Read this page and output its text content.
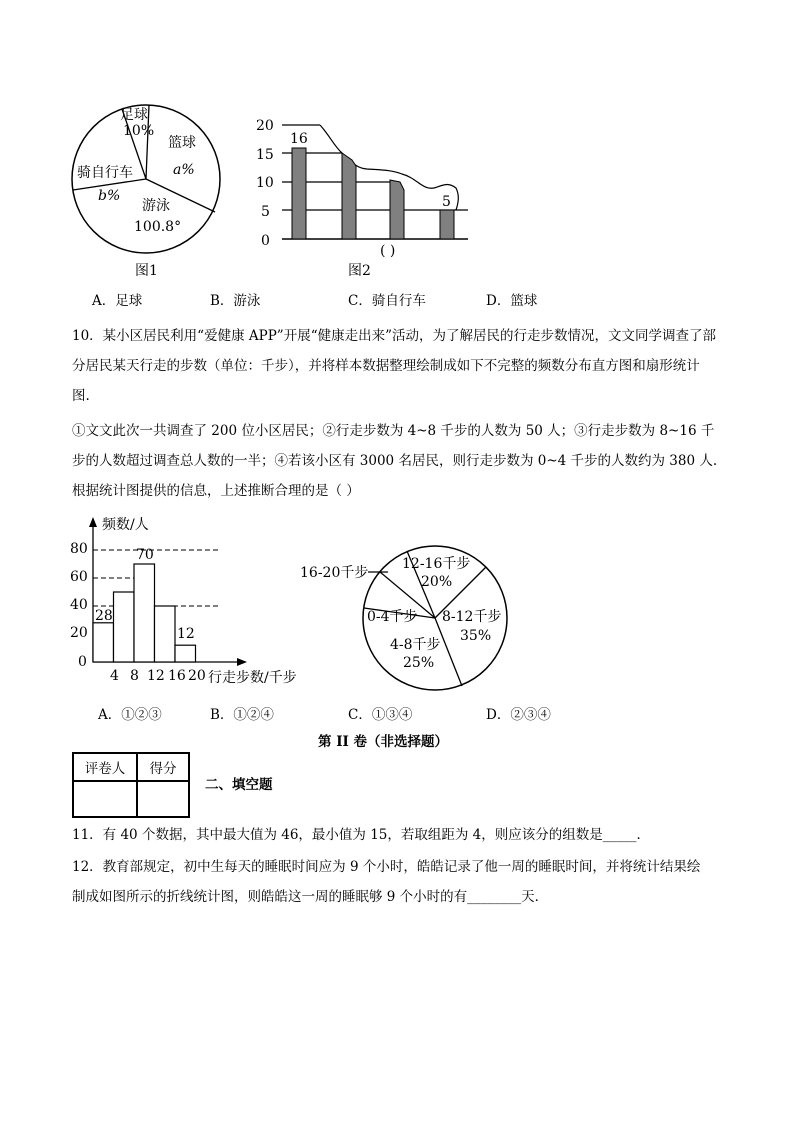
足球
10%
篮球
a%
骑自行车
b%
游泳
100.8°
图1
20
15
10
5
0
16
5
( )
图2
A．足球	B．游泳	C．骑自行车	D．篮球
10．某小区居民利用“爱健康 APP”开展“健康走出来”活动，为了解居民的行走步数情况，文文同学调查了部
分居民某天行走的步数（单位：千步），并将样本数据整理绘制成如下不完整的频数分布直方图和扇形统计
图.
①文文此次一共调查了 200 位小区居民；②行走步数为 4~8 千步的人数为 50 人；③行走步数为 8~16 千
步的人数超过调查总人数的一半；④若该小区有 3000 名居民，则行走步数为 0~4 千步的人数约为 380 人.
根据统计图提供的信息，上述推断合理的是（ ）
频数/人
行走步数/千步
80
60
40
20
0
4 8 12 16 20
28
70
12
16-20千步
12-16千步
20%
0-4千步 8-12千步
35%
4-8千步
25%
A．①②③	B．①②④	C．①③④	D．②③④
第 II 卷（非选择题）
评卷人	得分

二、填空题
11．有 40 个数据，其中最大值为 46，最小值为 15，若取组距为 4，则应该分的组数是_____．
12．教育部规定，初中生每天的睡眠时间应为 9 个小时，皓皓记录了他一周的睡眠时间，并将统计结果绘
制成如图所示的折线统计图，则皓皓这一周的睡眠够 9 个小时的有________天．
